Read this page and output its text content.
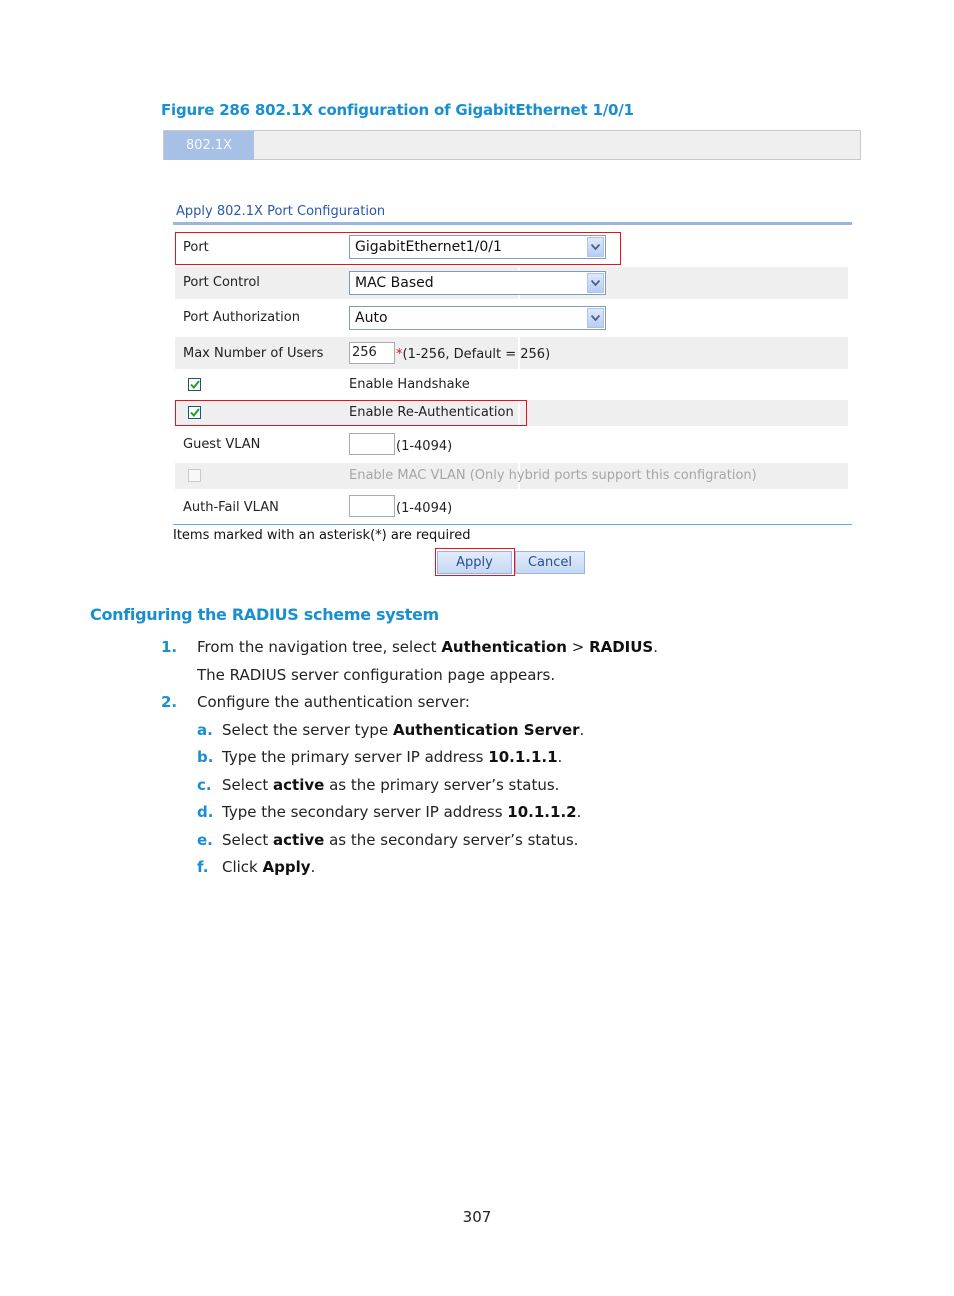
Figure 286 802.1X configuration of GigabitEthernet 1/0/1
802.1X
Apply 802.1X Port Configuration
Port	GigabitEthernet1/0/1
Port Control	MAC Based
Port Authorization	Auto
Max Number of Users 256 *(1-256, Default = 256)
Enable Handshake
Enable Re-Authentication
Guest VLAN	(1-4094)
Enable MAC VLAN (Only hybrid ports support this configration)
Auth-Fail VLAN	(1-4094)
Items marked with an asterisk(*) are required
Apply	Cancel
Configuring the RADIUS scheme system
1. From the navigation tree, select Authentication > RADIUS.
The RADIUS server configuration page appears.
2. Configure the authentication server:
a. Select the server type Authentication Server.
b. Type the primary server IP address 10.1.1.1.
c. Select active as the primary server’s status.
d. Type the secondary server IP address 10.1.1.2.
e. Select active as the secondary server’s status.
f. Click Apply.
307
